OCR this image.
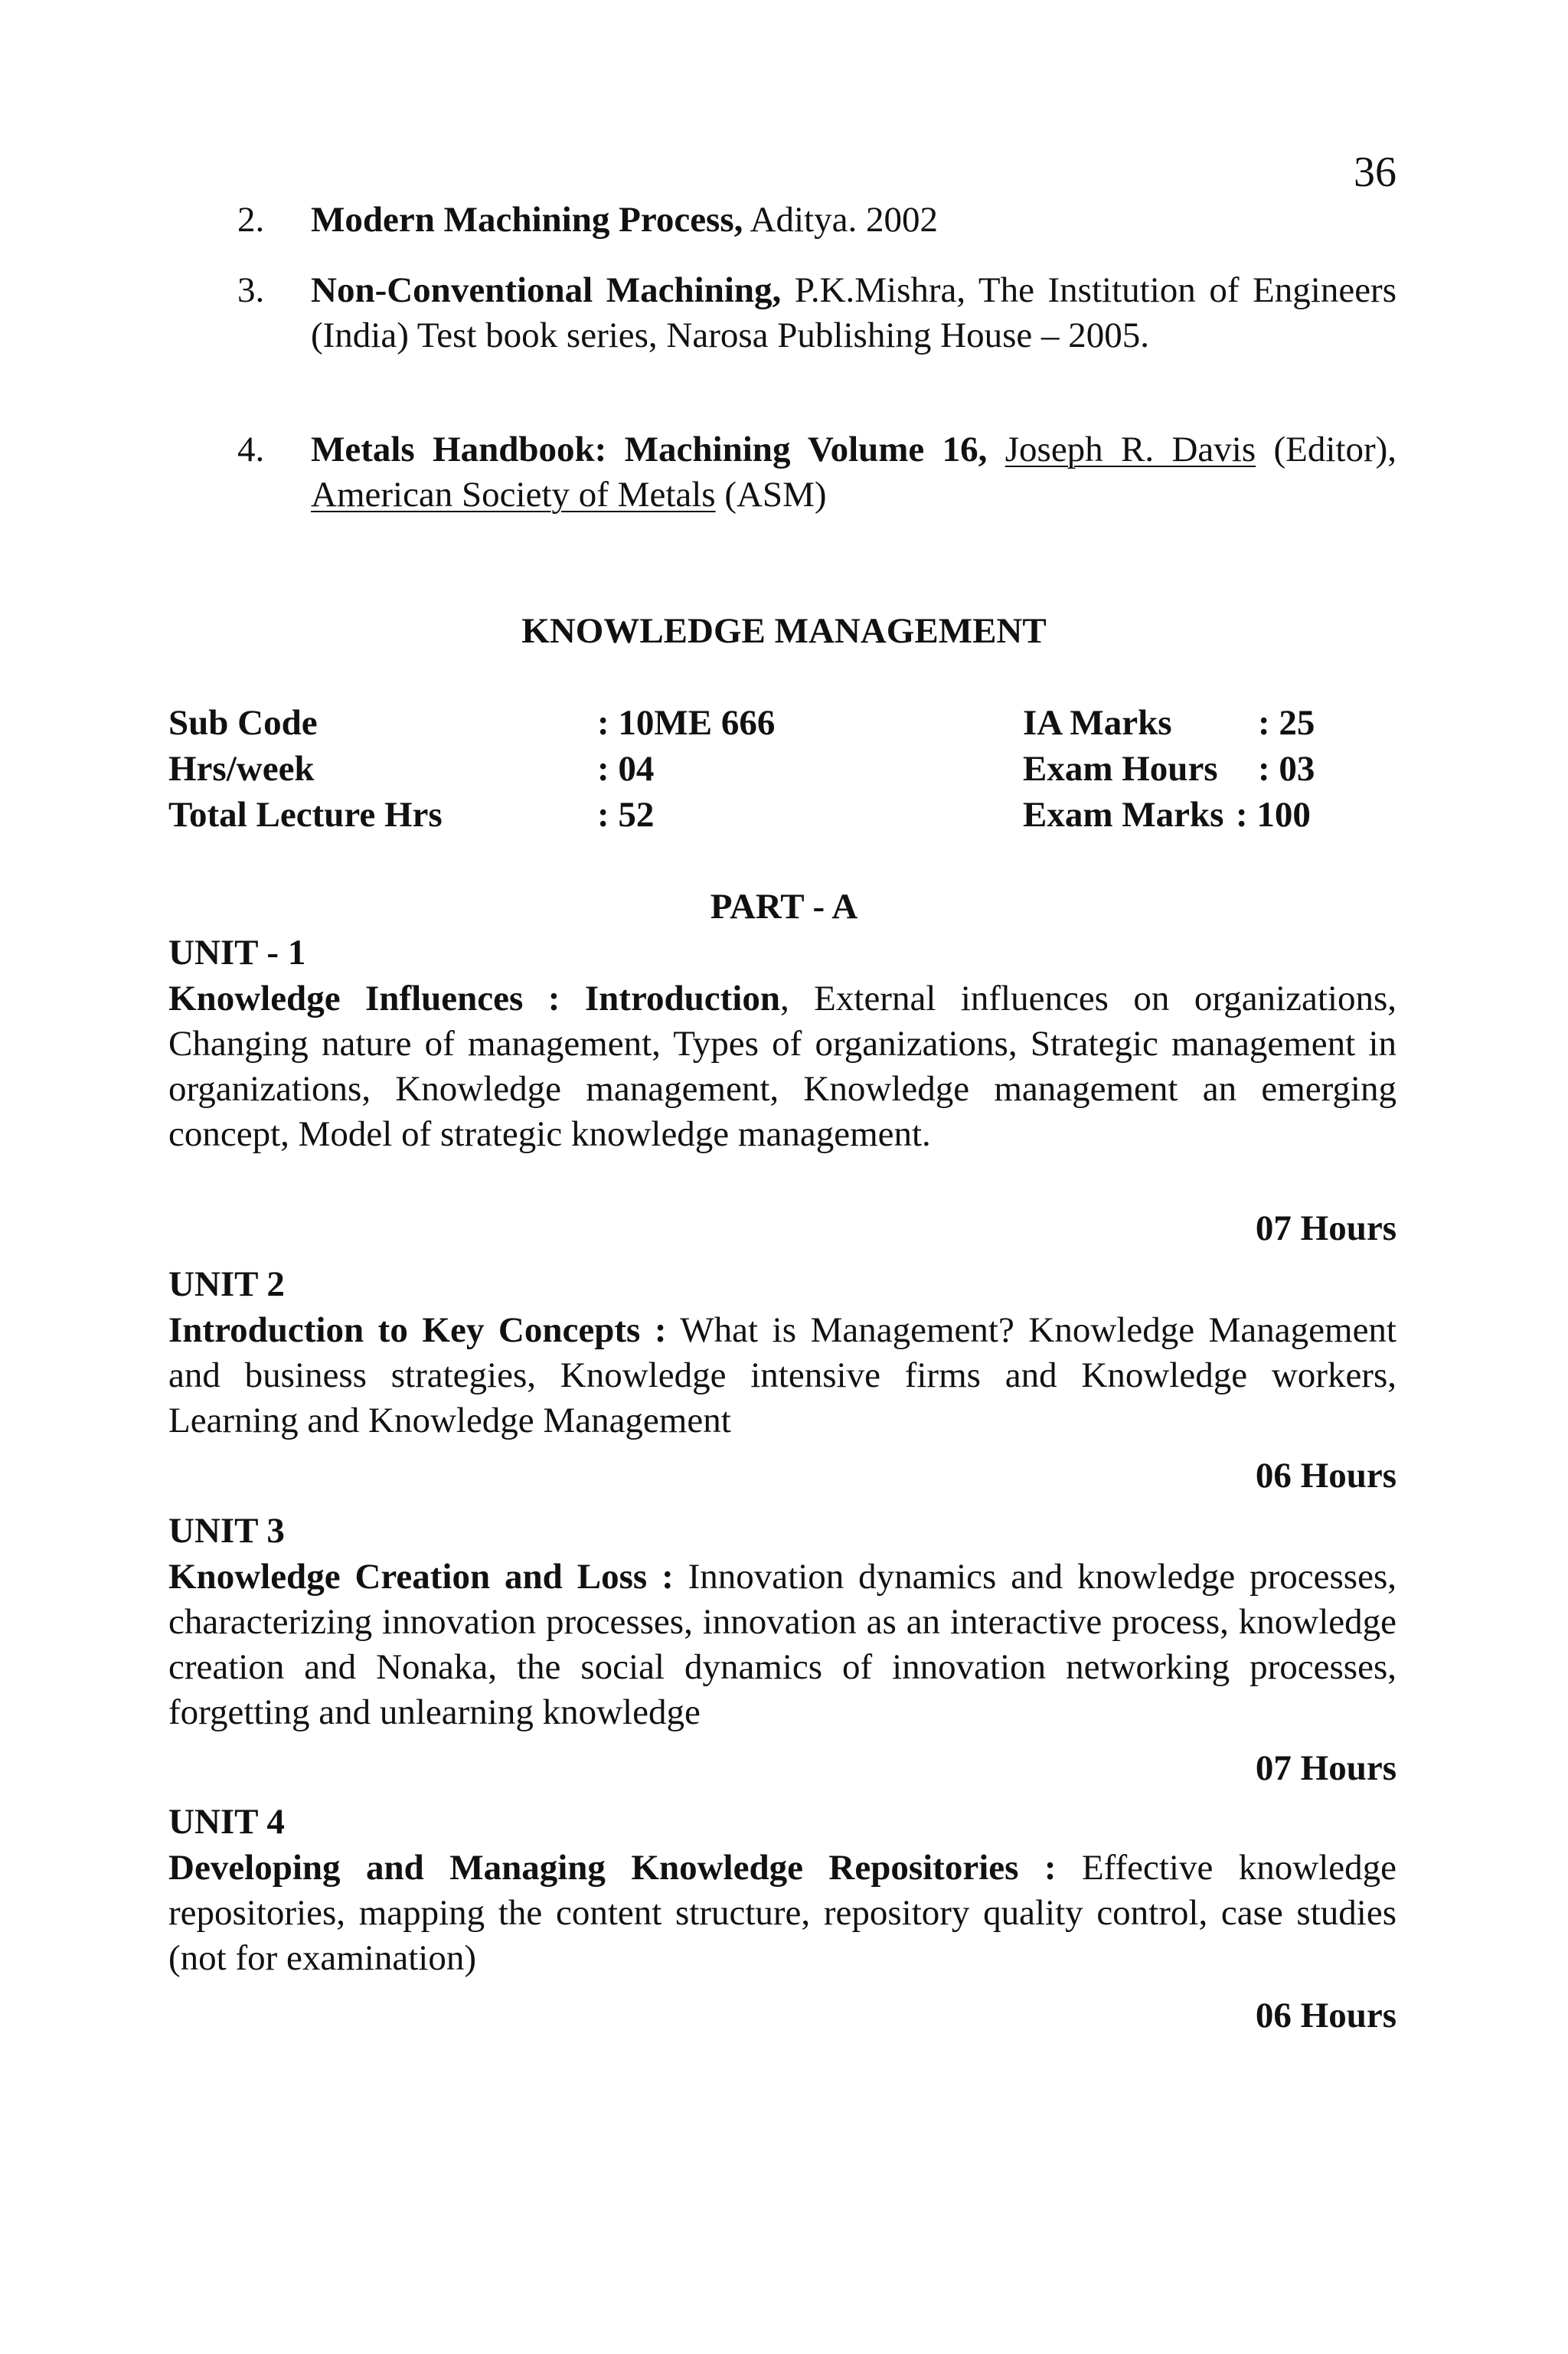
36
2.	Modern Machining Process, Aditya. 2002
3.	Non-Conventional Machining, P.K.Mishra, The Institution of Engineers (India) Test book series, Narosa Publishing House – 2005.
4.	Metals Handbook: Machining Volume 16, Joseph R. Davis (Editor), American Society of Metals (ASM)
KNOWLEDGE MANAGEMENT
Sub Code	: 10ME 666	IA Marks : 25
Hrs/week	: 04	Exam Hours : 03
Total Lecture Hrs	: 52	Exam Marks : 100
PART - A
UNIT - 1
Knowledge Influences : Introduction, External influences on organizations, Changing nature of management, Types of organizations, Strategic management in organizations, Knowledge management, Knowledge management an emerging concept, Model of strategic knowledge management.
07 Hours
UNIT 2
Introduction to Key Concepts : What is Management? Knowledge Management and business strategies, Knowledge intensive firms and Knowledge workers, Learning and Knowledge Management
06 Hours
UNIT 3
Knowledge Creation and Loss : Innovation dynamics and knowledge processes, characterizing innovation processes, innovation as an interactive process, knowledge creation and Nonaka, the social dynamics of innovation networking processes, forgetting and unlearning knowledge
07 Hours
UNIT 4
Developing and Managing Knowledge Repositories : Effective knowledge repositories, mapping the content structure, repository quality control, case studies (not for examination)
06 Hours
